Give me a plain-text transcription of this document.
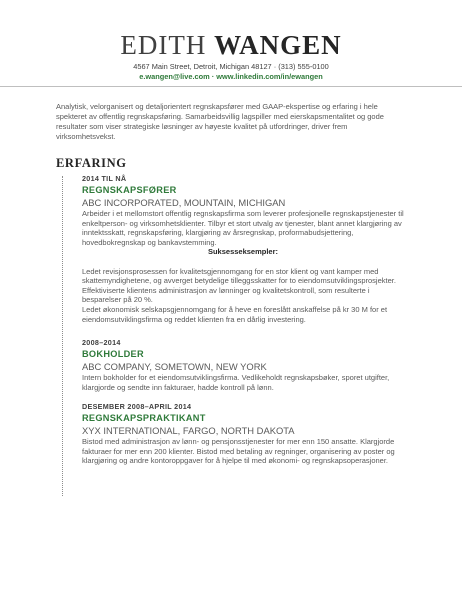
EDITH WANGEN
4567 Main Street, Detroit, Michigan 48127 · (313) 555-0100
e.wangen@live.com · www.linkedin.com/in/ewangen
Analytisk, velorganisert og detaljorientert regnskapsfører med GAAP-ekspertise og erfaring i hele spekteret av offentlig regnskapsføring. Samarbeidsvillig lagspiller med eierskapsmentalitet og gode resultater som viser strategiske løsninger av høyeste kvalitet på utfordringer, driver frem virksomhetsvekst.
ERFARING
2014 TIL NÅ
REGNSKAPSFØRER
ABC INCORPORATED, MOUNTAIN, MICHIGAN
Arbeider i et mellomstort offentlig regnskapsfirma som leverer profesjonelle regnskapstjenester til enkeltperson- og virksomhetsklienter. Tilbyr et stort utvalg av tjenester, blant annet klargjøring av inntektsskatt, regnskapsføring, klargjøring av årsregnskap, proformabudsjettering, hovedbokregnskap og bankavstemming.
Suksesseksempler:
Ledet revisjonsprosessen for kvalitetsgjennomgang for en stor klient og vant kamper med skattemyndighetene, og avverget betydelige tilleggsskatter for to eiendomsutviklingsprosjekter.
Effektiviserte klientens administrasjon av lønninger og kvalitetskontroll, som resulterte i besparelser på 20 %.
Ledet økonomisk selskapsgjennomgang for å heve en foreslått anskaffelse på kr 30 M for et eiendomsutviklingsfirma og reddet klienten fra en dårlig investering.
2008–2014
BOKHOLDER
ABC COMPANY, SOMETOWN, NEW YORK
Intern bokholder for et eiendomsutviklingsfirma. Vedlikeholdt regnskapsbøker, sporet utgifter, klargjorde og sendte inn fakturaer, hadde kontroll på lønn.
DESEMBER 2008–APRIL 2014
REGNSKAPSPRAKTIKANT
XYX INTERNATIONAL, FARGO, NORTH DAKOTA
Bistod med administrasjon av lønn- og pensjonsstjenester for mer enn 150 ansatte. Klargjorde fakturaer for mer enn 200 klienter. Bistod med betaling av regninger, organisering av poster og klargjøring og andre kontoroppgaver for å hjelpe til med økonomi- og regnskapsoperasjoner.
